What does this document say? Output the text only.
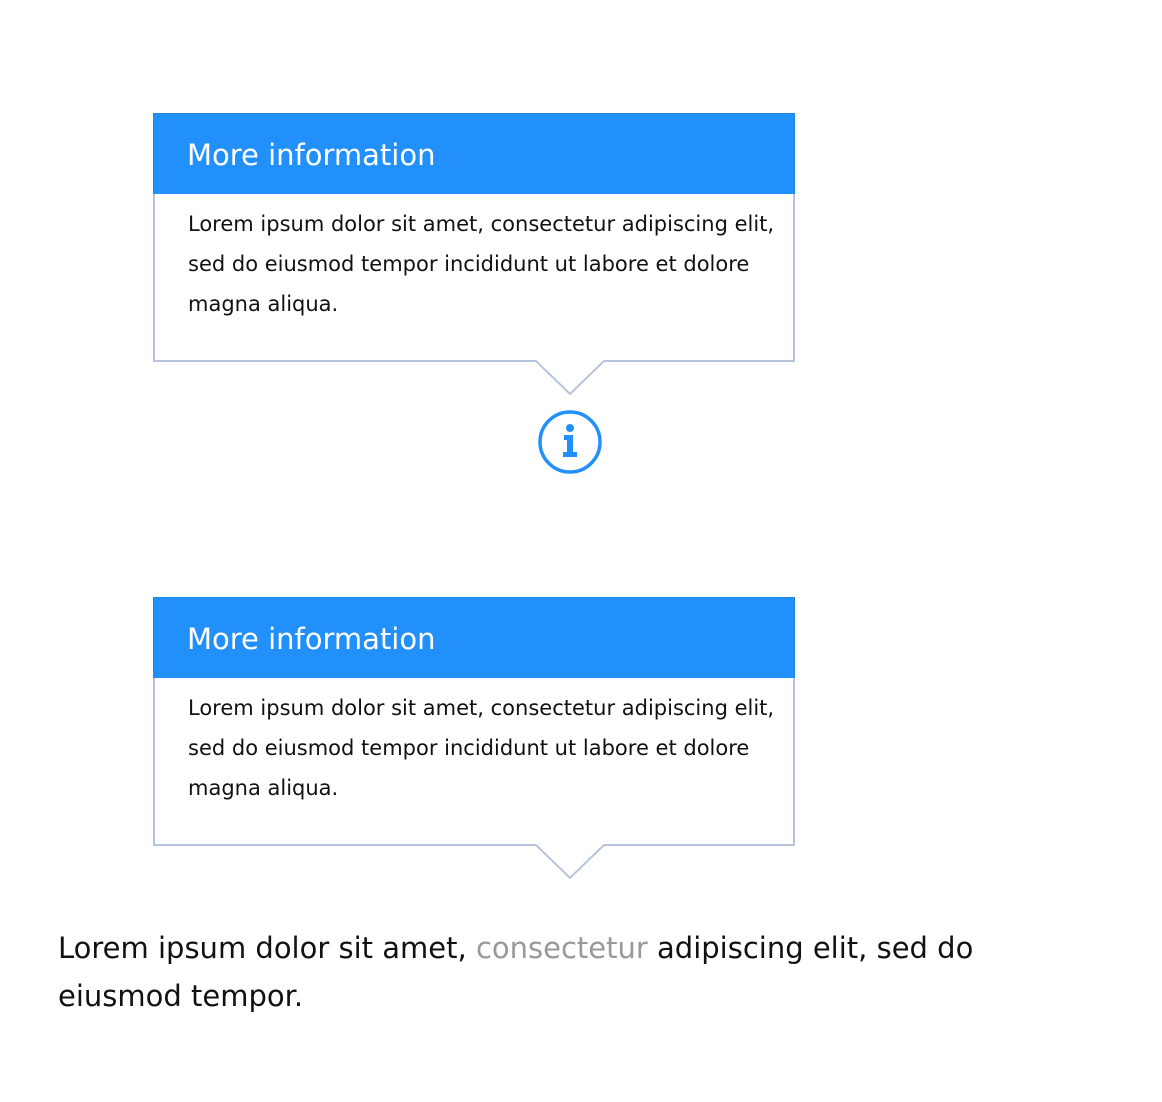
More information
Lorem ipsum dolor sit amet, consectetur adipiscing elit, sed do eiusmod tempor incididunt ut labore et dolore magna aliqua.
More information
Lorem ipsum dolor sit amet, consectetur adipiscing elit, sed do eiusmod tempor incididunt ut labore et dolore magna aliqua.

Lorem ipsum dolor sit amet, consectetur adipiscing elit, sed do eiusmod tempor.
